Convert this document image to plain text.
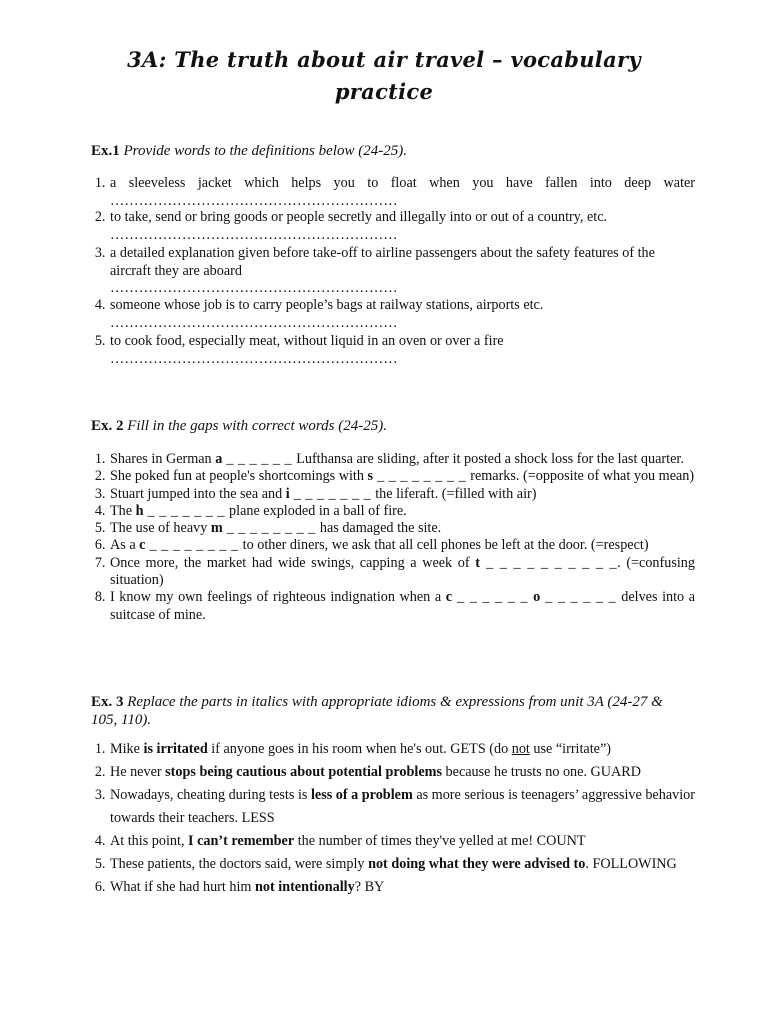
3A: The truth about air travel – vocabulary
practice
Ex.1 Provide words to the definitions below (24-25).
1. a sleeveless jacket which helps you to float when you have fallen into deep water
……………………………………………………
2. to take, send or bring goods or people secretly and illegally into or out of a country, etc.
……………………………………………………
3. a detailed explanation given before take-off to airline passengers about the safety features of the aircraft they are aboard
……………………………………………………
4. someone whose job is to carry people’s bags at railway stations, airports etc.
……………………………………………………
5. to cook food, especially meat, without liquid in an oven or over a fire
……………………………………………………
Ex. 2 Fill in the gaps with correct words (24-25).
1. Shares in German a _ _ _ _ _ _ Lufthansa are sliding, after it posted a shock loss for the last quarter.
2. She poked fun at people's shortcomings with s _ _ _ _ _ _ _ _ remarks. (=opposite of what you mean)
3. Stuart jumped into the sea and i _ _ _ _ _ _ _ the liferaft. (=filled with air)
4. The h _ _ _ _ _ _ _ plane exploded in a ball of fire.
5. The use of heavy m _ _ _ _ _ _ _ _ has damaged the site.
6. As a c _ _ _ _ _ _ _ _ to other diners, we ask that all cell phones be left at the door. (=respect)
7. Once more, the market had wide swings, capping a week of t _ _ _ _ _ _ _ _ _ _. (=confusing situation)
8. I know my own feelings of righteous indignation when a c _ _ _ _ _ _ o _ _ _ _ _ _ delves into a suitcase of mine.
Ex. 3 Replace the parts in italics with appropriate idioms & expressions from unit 3A (24-27 & 105, 110).
1. Mike is irritated if anyone goes in his room when he's out. GETS (do not use “irritate”)
2. He never stops being cautious about potential problems because he trusts no one. GUARD
3. Nowadays, cheating during tests is less of a problem as more serious is teenagers’ aggressive behavior towards their teachers. LESS
4. At this point, I can’t remember the number of times they've yelled at me! COUNT
5. These patients, the doctors said, were simply not doing what they were advised to. FOLLOWING
6. What if she had hurt him not intentionally? BY
